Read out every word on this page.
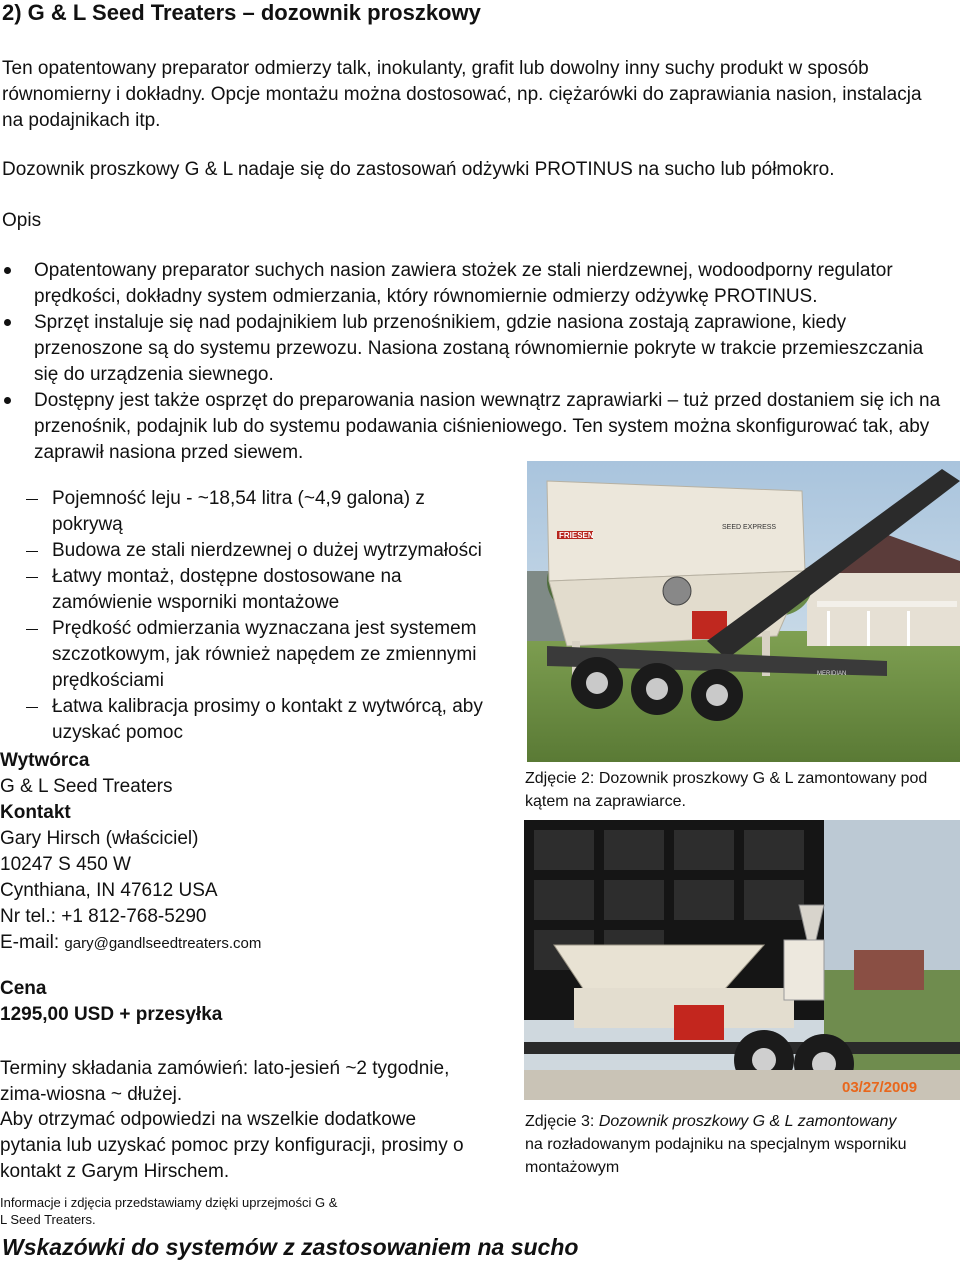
2) G & L Seed Treaters – dozownik proszkowy
Ten opatentowany preparator odmierzy talk, inokulanty, grafit lub dowolny inny suchy produkt w sposób równomierny i dokładny. Opcje montażu można dostosować, np. ciężarówki do zaprawiania nasion, instalacja na podajnikach itp.
Dozownik proszkowy G & L nadaje się do zastosowań odżywki PROTINUS na sucho lub półmokro.
Opis
Opatentowany preparator suchych nasion zawiera stożek ze stali nierdzewnej, wodoodporny regulator prędkości, dokładny system odmierzania, który równomiernie odmierzy odżywkę PROTINUS.
Sprzęt instaluje się nad podajnikiem lub przenośnikiem, gdzie nasiona zostają zaprawione, kiedy przenoszone są do systemu przewozu. Nasiona zostaną równomiernie pokryte w trakcie przemieszczania się do urządzenia siewnego.
Dostępny jest także osprzęt do preparowania nasion wewnątrz zaprawiarki – tuż przed dostaniem się ich na przenośnik, podajnik lub do systemu podawania ciśnieniowego. Ten system można skonfigurować tak, aby zaprawił nasiona przed siewem.
Pojemność leju - ~18,54 litra (~4,9 galona) z pokrywą
Budowa ze stali nierdzewnej o dużej wytrzymałości
Łatwy montaż, dostępne dostosowane na zamówienie wsporniki montażowe
Prędkość odmierzania wyznaczana jest systemem szczotkowym, jak również napędem ze zmiennymi prędkościami
Łatwa kalibracja prosimy o kontakt z wytwórcą, aby uzyskać pomoc
Wytwórca
G & L Seed Treaters
Kontakt
Gary Hirsch (właściciel)
10247 S 450 W
Cynthiana, IN 47612 USA
Nr tel.: +1 812-768-5290
E-mail: gary@gandlseedtreaters.com
Cena
1295,00 USD + przesyłka
Terminy składania zamówień: lato-jesień ~2 tygodnie, zima-wiosna ~ dłużej.
Aby otrzymać odpowiedzi na wszelkie dodatkowe pytania lub uzyskać pomoc przy konfiguracji, prosimy o kontakt z Garym Hirschem.
Informacje i zdjęcia przedstawiamy dzięki uprzejmości G & L Seed Treaters.
Wskazówki do systemów z zastosowaniem na sucho
FRIESEN
SEED EXPRESS
MERIDIAN
Zdjęcie 2: Dozownik proszkowy G & L zamontowany pod kątem na zaprawiarce.
03/27/2009
Zdjęcie 3: Dozownik proszkowy G & L zamontowany
na rozładowanym podajniku na specjalnym wsporniku montażowym
